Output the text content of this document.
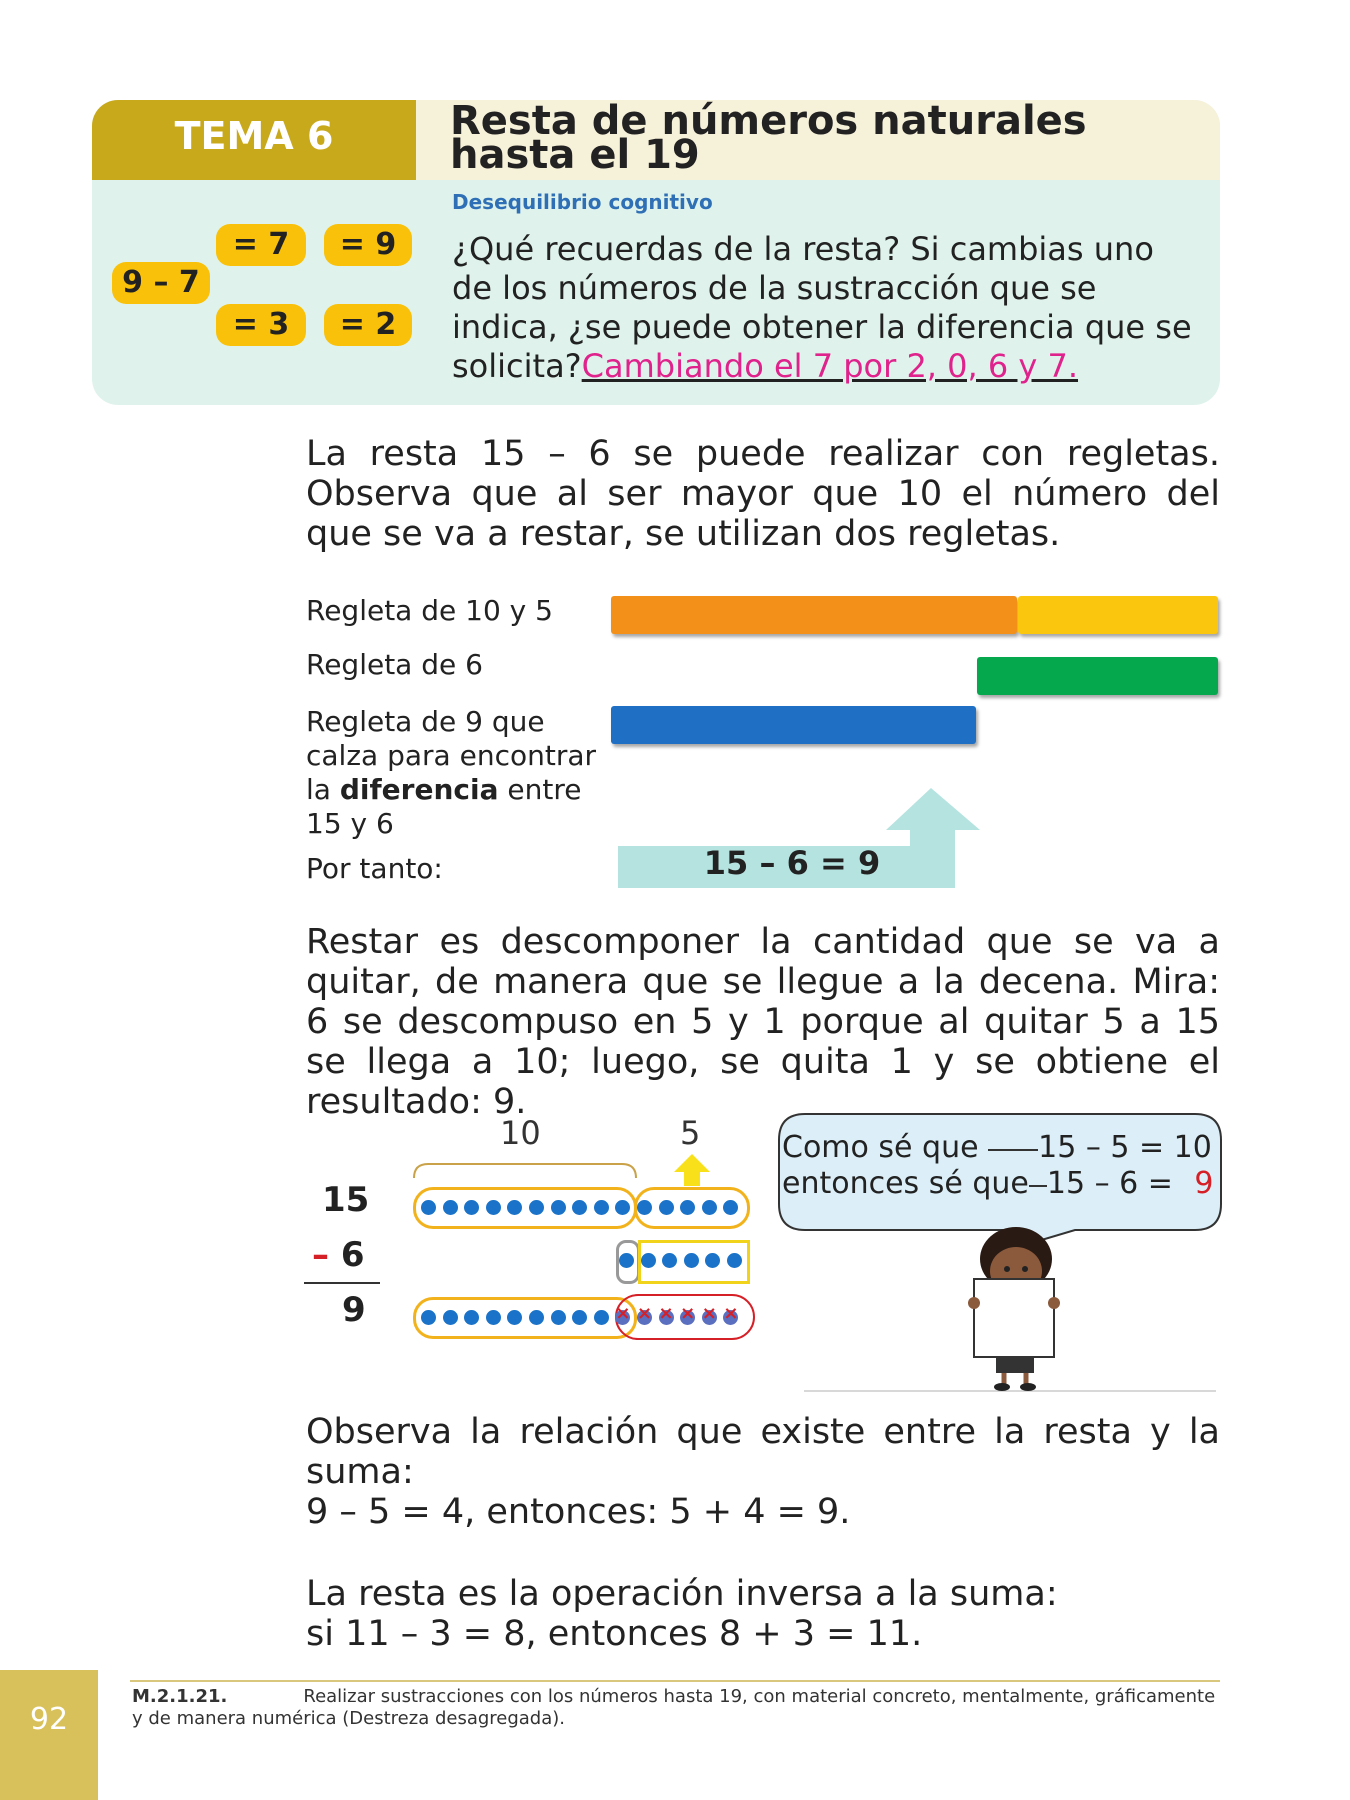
TEMA 6	Resta de números naturales hasta el 19
Desequilibrio cognitivo
¿Qué recuerdas de la resta? Si cambias uno de los números de la sustracción que se indica, ¿se puede obtener la diferencia que se solicita?Cambiando el 7 por 2, 0, 6 y 7.
9 – 7
= 7	= 9
= 3	= 2
La resta 15 – 6 se puede realizar con regletas. Observa que al ser mayor que 10 el número del que se va a restar, se utilizan dos regletas.
Regleta de 10 y 5
Regleta de 6
Regleta de 9 que calza para encontrar la diferencia entre 15 y 6
Por tanto:	15 – 6 = 9
Restar es descomponer la cantidad que se va a quitar, de manera que se llegue a la decena. Mira: 6 se descompuso en 5 y 1 porque al quitar 5 a 15 se llega a 10; luego, se quita 1 y se obtiene el resultado: 9.
10	5
15
– 6
9	× × × × × ×
Como sé que 15 – 5 = 10
entonces sé que 15 – 6 = 9
Observa la relación que existe entre la resta y la suma:
9 – 5 = 4, entonces: 5 + 4 = 9.
La resta es la operación inversa a la suma:
si 11 – 3 = 8, entonces 8 + 3 = 11.
M.2.1.21.	Realizar sustracciones con los números hasta 19, con material concreto, mentalmente, gráficamente y de manera numérica (Destreza desagregada).
92
